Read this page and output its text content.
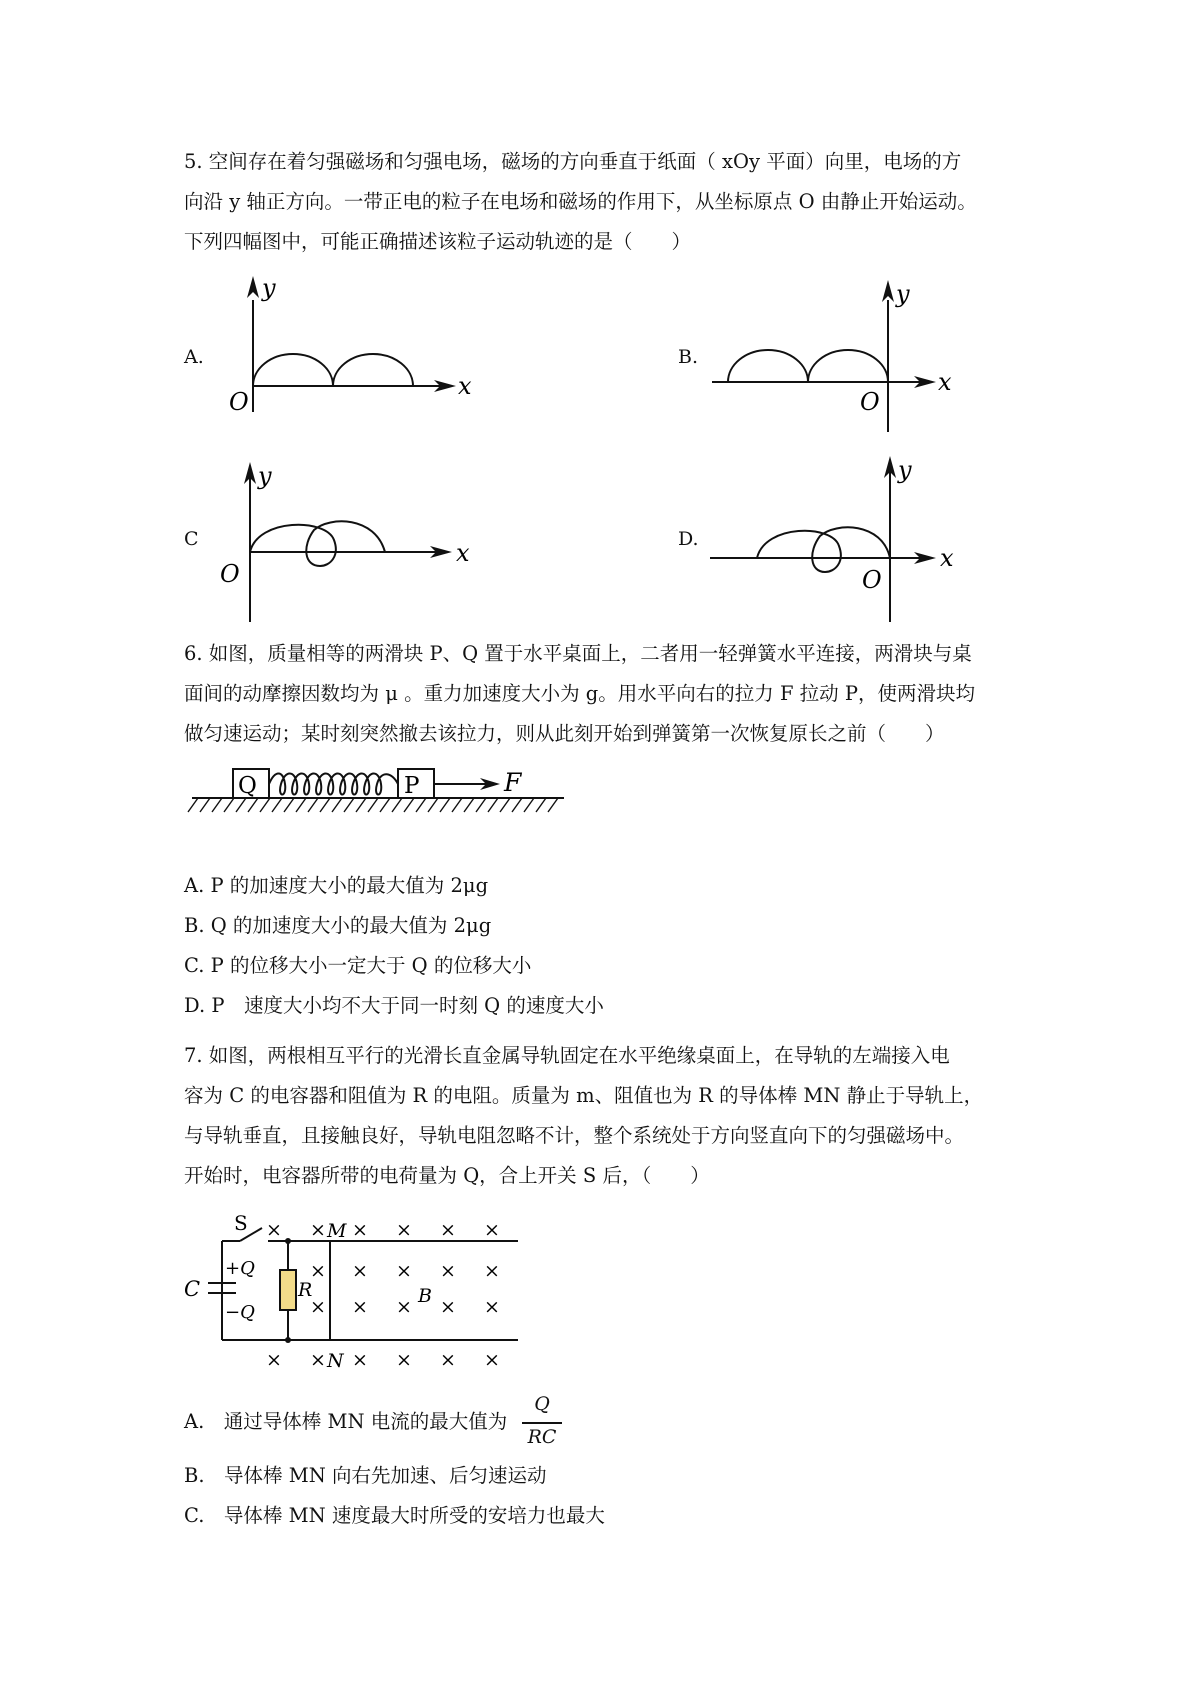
5. 空间存在着匀强磁场和匀强电场，磁场的方向垂直于纸面（ xOy 平面）向里，电场的方
向沿 y 轴正方向。一带正电的粒子在电场和磁场的作用下，从坐标原点 O 由静止开始运动。
下列四幅图中，可能正确描述该粒子运动轨迹的是（　　）
A.	B.
C	D.
y
x
O
y
x
O
y
x
O
y
x
O
6. 如图，质量相等的两滑块 P、Q 置于水平桌面上，二者用一轻弹簧水平连接，两滑块与桌
面间的动摩擦因数均为 μ 。重力加速度大小为 g。用水平向右的拉力 F 拉动 P，使两滑块均
做匀速运动；某时刻突然撤去该拉力，则从此刻开始到弹簧第一次恢复原长之前（　　）
Q	P	F
A. P 的加速度大小的最大值为 2μg
B. Q 的加速度大小的最大值为 2μg
C. P 的位移大小一定大于 Q 的位移大小
D. P　速度大小均不大于同一时刻 Q 的速度大小
7. 如图，两根相互平行的光滑长直金属导轨固定在水平绝缘桌面上，在导轨的左端接入电
容为 C 的电容器和阻值为 R 的电阻。质量为 m、阻值也为 R 的导体棒 MN 静止于导轨上，
与导轨垂直，且接触良好，导轨电阻忽略不计，整个系统处于方向竖直向下的匀强磁场中。
开始时，电容器所带的电荷量为 Q，合上开关 S 后，（　　）
S
+Q
−Q
C	R
M
N
B
× × × × × ×
× × × × ×
× × × × ×
× × × × × ×
A.　通过导体棒 MN 电流的最大值为
Q
RC
B.　导体棒 MN 向右先加速、后匀速运动
C.　导体棒 MN 速度最大时所受的安培力也最大
